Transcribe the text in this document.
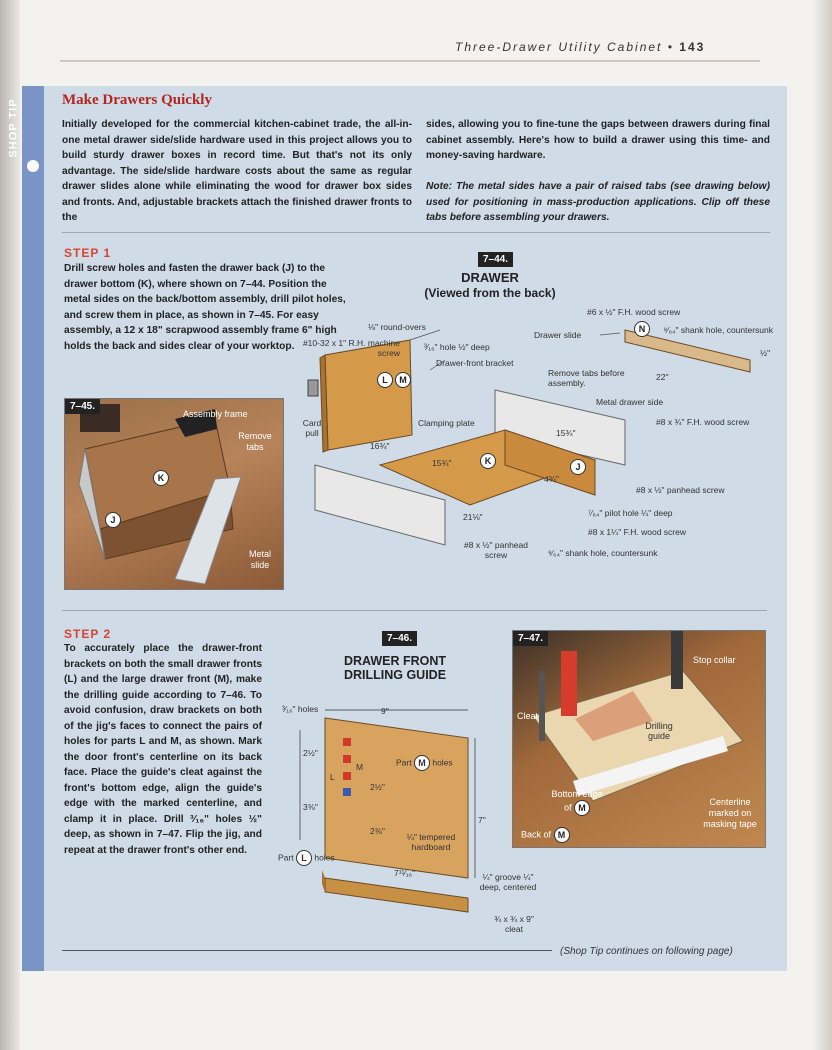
Three-Drawer Utility Cabinet • 143
SHOP TIP	Make Drawers Quickly
Initially developed for the commercial kitchen-cabinet trade, the all-in-one metal drawer side/slide hardware used in this project allows you to build sturdy drawer boxes in record time. But that's not its only advantage. The side/slide hardware costs about the same as regular drawer slides alone while eliminating the wood for drawer box sides and fronts. And, adjustable brackets attach the finished drawer fronts to the
sides, allowing you to fine-tune the gaps between drawers during final cabinet assembly. Here's how to build a drawer using this time- and money-saving hardware.
Note: The metal sides have a pair of raised tabs (see drawing below) used for positioning in mass-production applications. Clip off these tabs before assembling your drawers.
STEP 1
Drill screw holes and fasten the drawer back (J) to the drawer bottom (K), where shown on 7–44. Position the metal sides on the back/bottom assembly, drill pilot holes, and screw them in place, as shown in 7–45. For easy assembly, a 12 x 18" scrapwood assembly frame 6" high holds the back and sides clear of your worktop.
7–45.
Assembly frame
Remove tabs
Metal slide
K
J
7–44.
DRAWER
(Viewed from the back)
#6 x ½" F.H. wood screw
Drawer slide
N	⁹⁄₆₄" shank hole, countersunk
⅛" round-overs
#10-32 x 1" R.H. machine screw
³⁄₁₆" hole ½" deep
Drawer-front bracket
Remove tabs before assembly.
22"
½"
Metal drawer side
Card pull
Clamping plate
L	M
15¾"
#8 x ¾" F.H. wood screw
16¾"
15¾"	K
J
4¾"
#8 x ½" panhead screw
21⅛"	⁷⁄₆₄" pilot hole ¼" deep
#8 x 1¼" F.H. wood screw
#8 x ½" panhead screw	⁹⁄₆₄" shank hole, countersunk
STEP 2
To accurately place the drawer-front brackets on both the small drawer fronts (L) and the large drawer front (M), make the drilling guide according to 7–46. To avoid confusion, draw brackets on both of the jig's faces to connect the pairs of holes for parts L and M, as shown. Mark the door front's centerline on its back face. Place the guide's cleat against the front's bottom edge, align the guide's edge with the marked centerline, and clamp it in place. Drill ³⁄₁₆" holes ½" deep, as shown in 7–47. Flip the jig, and repeat at the drawer front's other end.
7–46.
DRAWER FRONT DRILLING GUIDE
³⁄₁₆" holes	9"
2½"
Part M holes
2½"
3⅜"
2⅜"
7"
¼" tempered hardboard
Part L holes
7¹¹⁄₁₆"	¼" groove ¼" deep, centered
¾ x ¾ x 9" cleat
L
M
7–47.
Stop collar
Cleat
Drilling guide
Bottom edge of M
Back of M
Centerline marked on masking tape
(Shop Tip continues on following page)
